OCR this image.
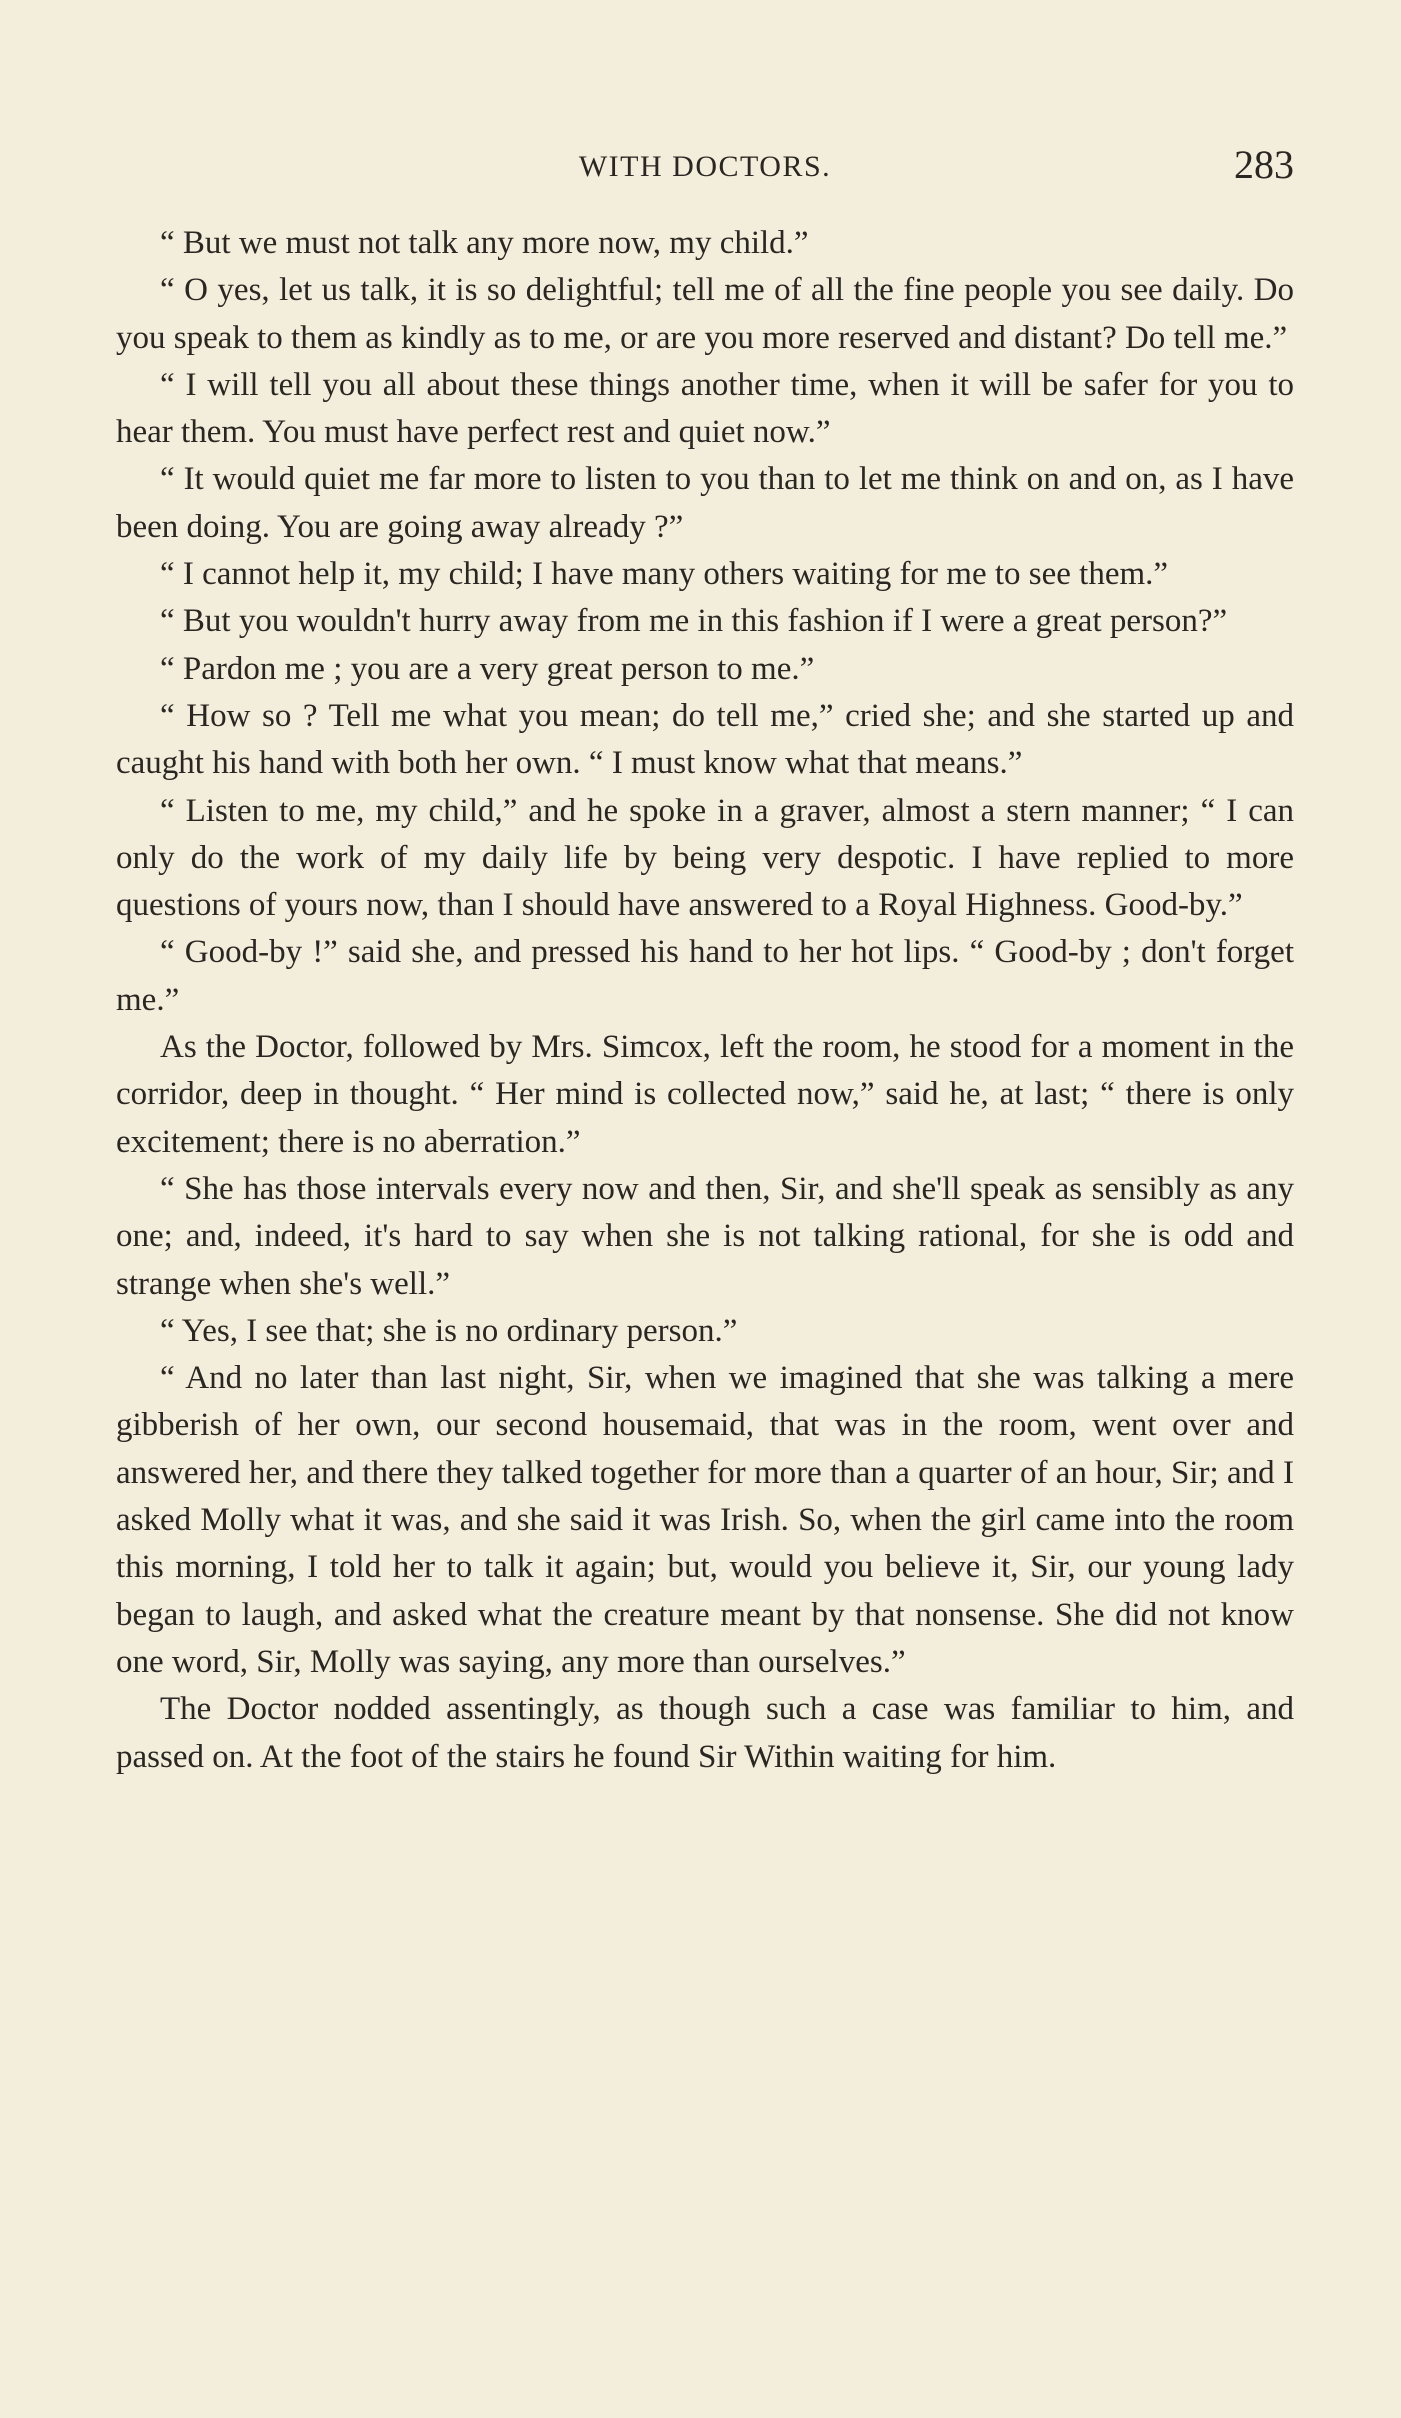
WITH DOCTORS.	283

“ But we must not talk any more now, my child.”

“ O yes, let us talk, it is so delightful; tell me of all the fine people you see daily. Do you speak to them as kindly as to me, or are you more reserved and distant? Do tell me.”

“ I will tell you all about these things another time, when it will be safer for you to hear them. You must have perfect rest and quiet now.”

“ It would quiet me far more to listen to you than to let me think on and on, as I have been doing. You are going away already ?”

“ I cannot help it, my child; I have many others waiting for me to see them.”

“ But you wouldn't hurry away from me in this fashion if I were a great person?”

“ Pardon me ; you are a very great person to me.”

“ How so ? Tell me what you mean; do tell me,” cried she; and she started up and caught his hand with both her own. “ I must know what that means.”

“ Listen to me, my child,” and he spoke in a graver, almost a stern manner; “ I can only do the work of my daily life by being very despotic. I have replied to more questions of yours now, than I should have answered to a Royal Highness. Good-by.”

“ Good-by !” said she, and pressed his hand to her hot lips. “ Good-by ; don't forget me.”

As the Doctor, followed by Mrs. Simcox, left the room, he stood for a moment in the corridor, deep in thought. “ Her mind is collected now,” said he, at last; “ there is only excitement; there is no aberration.”

“ She has those intervals every now and then, Sir, and she'll speak as sensibly as any one; and, indeed, it's hard to say when she is not talking rational, for she is odd and strange when she's well.”

“ Yes, I see that; she is no ordinary person.”

“ And no later than last night, Sir, when we imagined that she was talking a mere gibberish of her own, our second housemaid, that was in the room, went over and answered her, and there they talked together for more than a quarter of an hour, Sir; and I asked Molly what it was, and she said it was Irish. So, when the girl came into the room this morning, I told her to talk it again; but, would you believe it, Sir, our young lady began to laugh, and asked what the creature meant by that nonsense. She did not know one word, Sir, Molly was saying, any more than ourselves.”

The Doctor nodded assentingly, as though such a case was familiar to him, and passed on. At the foot of the stairs he found Sir Within waiting for him.
